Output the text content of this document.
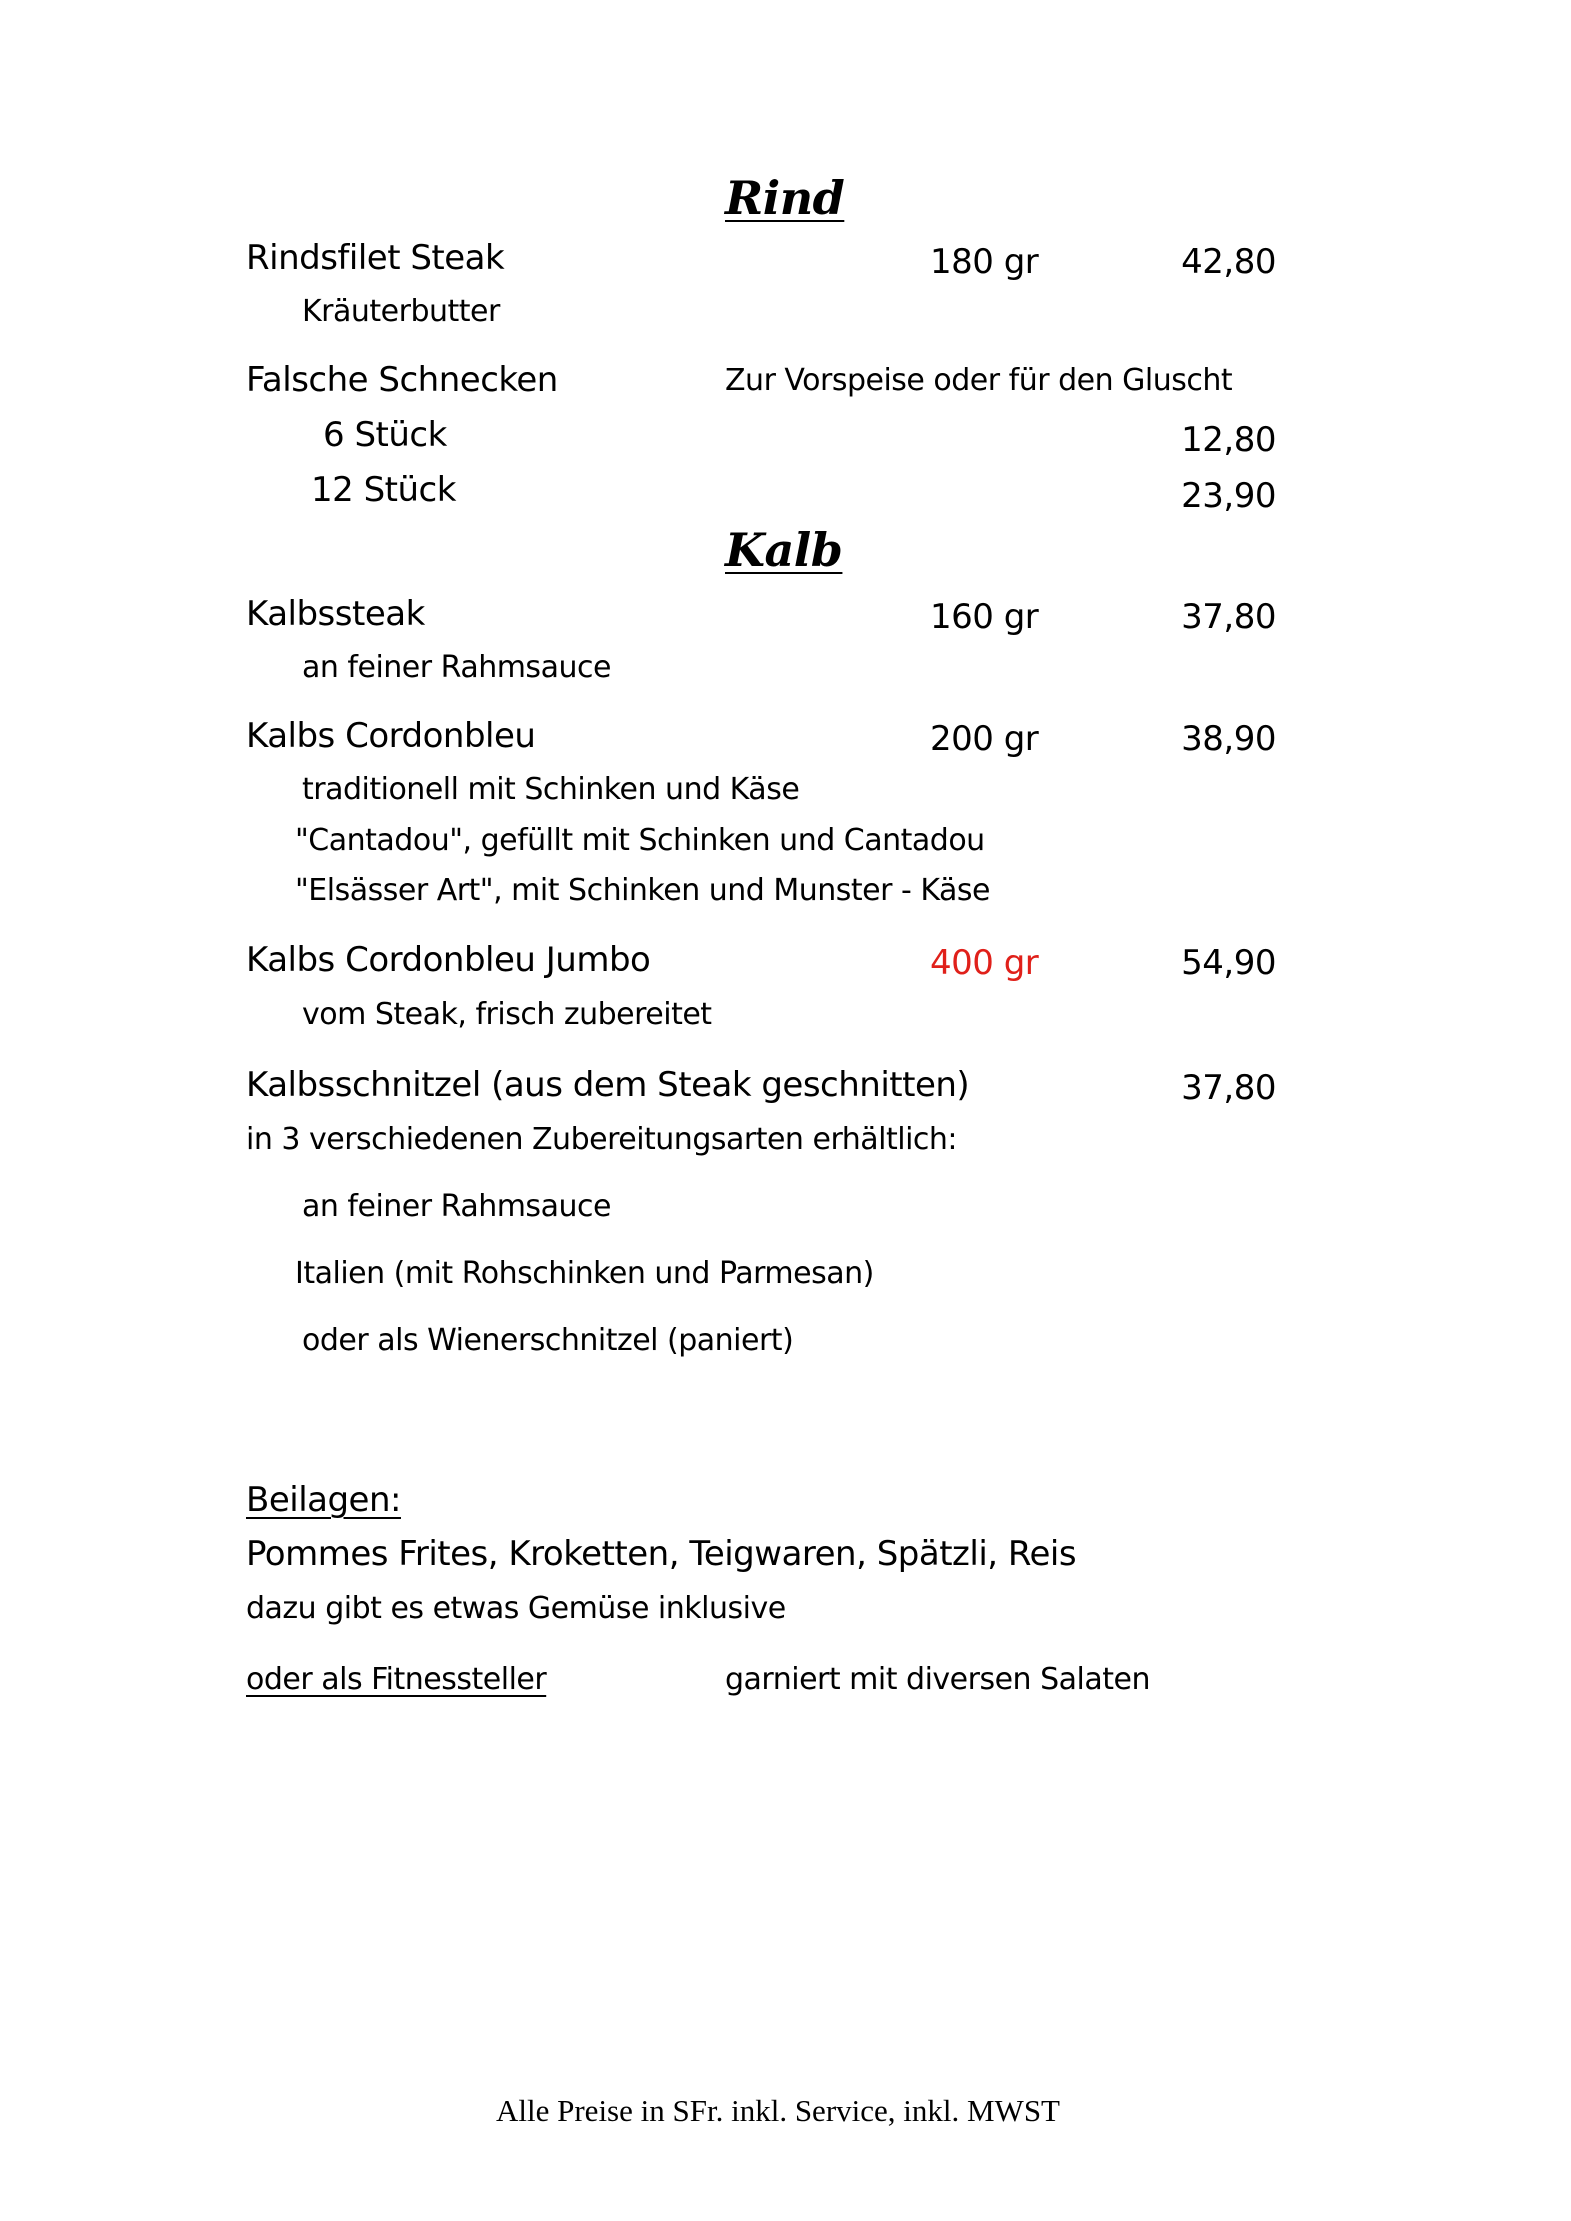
Rind
Rindsfilet Steak	180 gr	42,80
Kräuterbutter
Falsche Schnecken	Zur Vorspeise oder für den Gluscht
6 Stück	12,80
12 Stück	23,90
Kalb
Kalbssteak	160 gr	37,80
an feiner Rahmsauce
Kalbs Cordonbleu	200 gr	38,90
traditionell mit Schinken und Käse
"Cantadou", gefüllt mit Schinken und Cantadou
"Elsässer Art", mit Schinken und Munster - Käse
Kalbs Cordonbleu Jumbo	400 gr	54,90
vom Steak, frisch zubereitet
Kalbsschnitzel (aus dem Steak geschnitten)	37,80
in 3 verschiedenen Zubereitungsarten erhältlich:
an feiner Rahmsauce
Italien (mit Rohschinken und Parmesan)
oder als Wienerschnitzel (paniert)
Beilagen:
Pommes Frites, Kroketten, Teigwaren, Spätzli, Reis
dazu gibt es etwas Gemüse inklusive
oder als Fitnessteller	garniert mit diversen Salaten
Alle Preise in SFr. inkl. Service, inkl. MWST
